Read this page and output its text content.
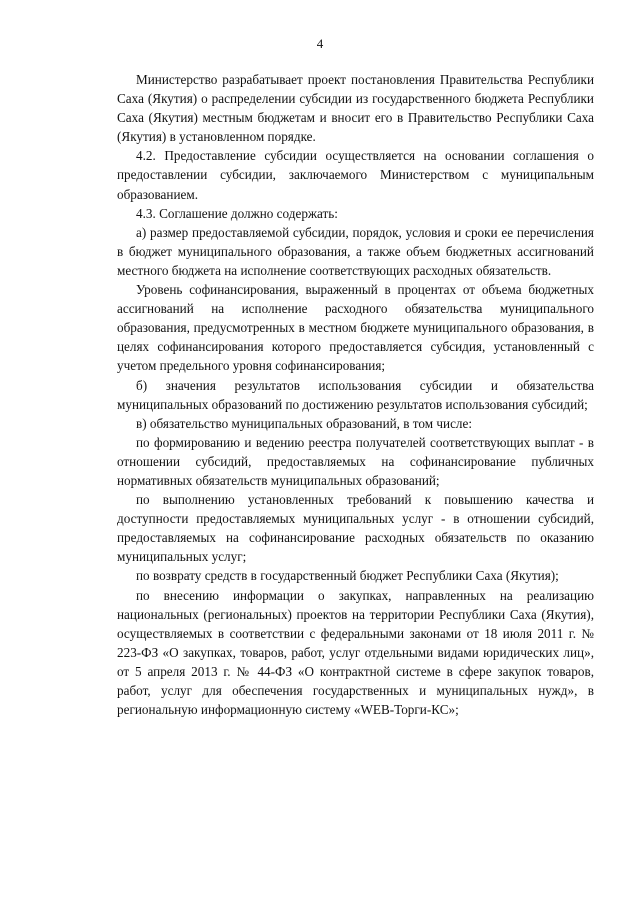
4

Министерство разрабатывает проект постановления Правительства Республики Саха (Якутия) о распределении субсидии из государственного бюджета Республики Саха (Якутия) местным бюджетам и вносит его в Правительство Республики Саха (Якутия) в установленном порядке.

4.2. Предоставление субсидии осуществляется на основании соглашения о предоставлении субсидии, заключаемого Министерством с муниципальным образованием.

4.3. Соглашение должно содержать:

а) размер предоставляемой субсидии, порядок, условия и сроки ее перечисления в бюджет муниципального образования, а также объем бюджетных ассигнований местного бюджета на исполнение соответствующих расходных обязательств.

Уровень софинансирования, выраженный в процентах от объема бюджетных ассигнований на исполнение расходного обязательства муниципального образования, предусмотренных в местном бюджете муниципального образования, в целях софинансирования которого предоставляется субсидия, установленный с учетом предельного уровня софинансирования;

б) значения результатов использования субсидии и обязательства муниципальных образований по достижению результатов использования субсидий;

в) обязательство муниципальных образований, в том числе:

по формированию и ведению реестра получателей соответствующих выплат - в отношении субсидий, предоставляемых на софинансирование публичных нормативных обязательств муниципальных образований;

по выполнению установленных требований к повышению качества и доступности предоставляемых муниципальных услуг - в отношении субсидий, предоставляемых на софинансирование расходных обязательств по оказанию муниципальных услуг;

по возврату средств в государственный бюджет Республики Саха (Якутия);

по внесению информации о закупках, направленных на реализацию национальных (региональных) проектов на территории Республики Саха (Якутия), осуществляемых в соответствии с федеральными законами от 18 июля 2011 г. № 223-ФЗ «О закупках, товаров, работ, услуг отдельными видами юридических лиц», от 5 апреля 2013 г. № 44-ФЗ «О контрактной системе в сфере закупок товаров, работ, услуг для обеспечения государственных и муниципальных нужд», в региональную информационную систему «WEB-Торги-КС»;
